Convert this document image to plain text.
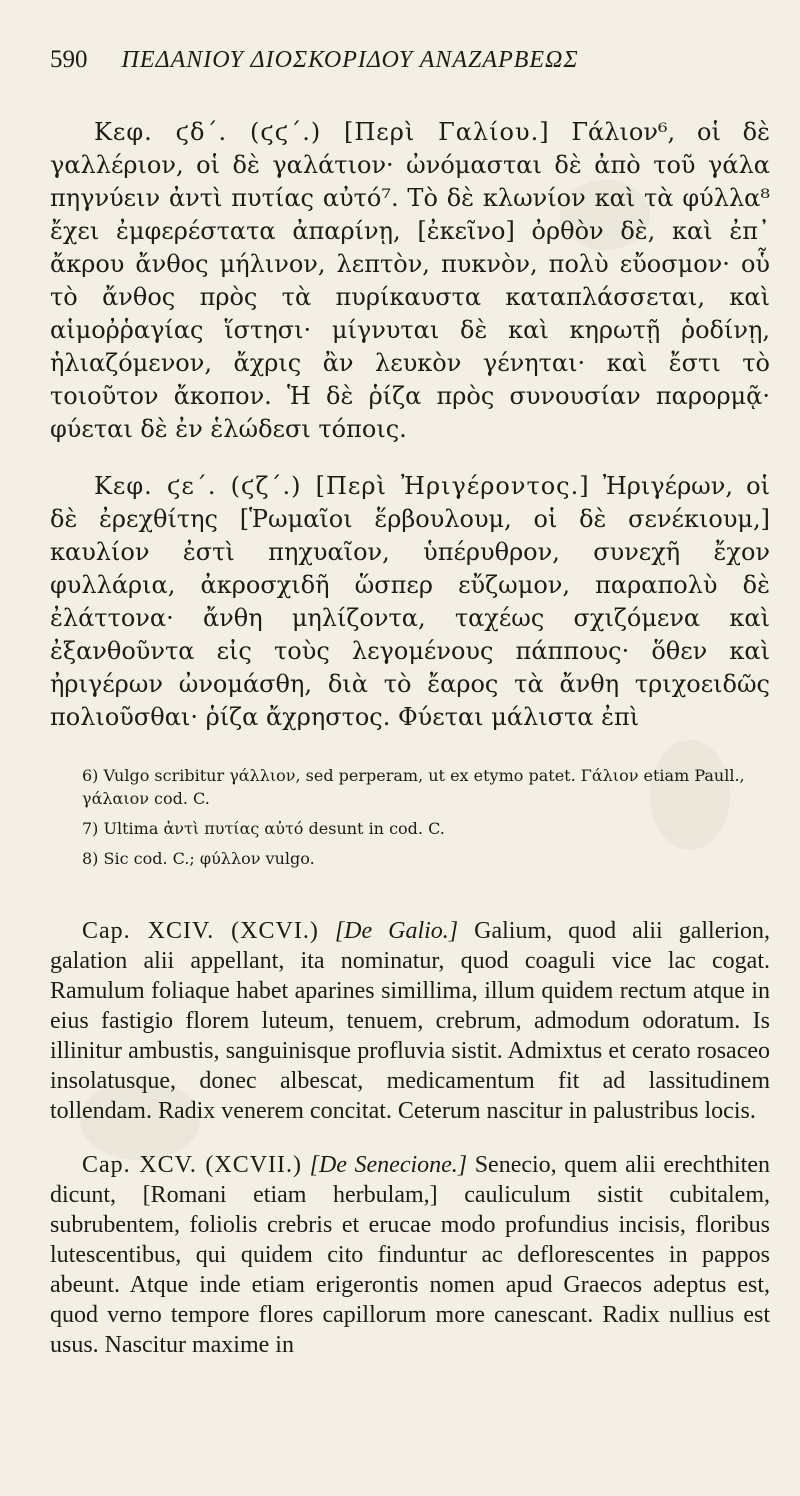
590 ΠΕΔΑΝΙΟΥ ΔΙΟΣΚΟΡΙΔΟΥ ΑΝΑΖΑΡΒΕΩΣ

Κεφ. ϛδ´. (ϛϛ´.) [Περὶ Γαλίου.] Γάλιον⁶, οἱ δὲ γαλλέριον, οἱ δὲ γαλάτιον· ὠνόμασται δὲ ἀπὸ τοῦ γάλα πηγνύειν ἀντὶ πυτίας αὐτό⁷. Τὸ δὲ κλωνίον καὶ τὰ φύλλα⁸ ἔχει ἐμφερέστατα ἀπαρίνῃ, [ἐκεῖνο] ὀρθὸν δὲ, καὶ ἐπ᾽ ἄκρου ἄνθος μήλινον, λεπτὸν, πυκνὸν, πολὺ εὔοσμον· οὗ τὸ ἄνθος πρὸς τὰ πυρίκαυστα καταπλάσσεται, καὶ αἱμοῤῥαγίας ἵστησι· μίγνυται δὲ καὶ κηρωτῇ ῥοδίνῃ, ἡλιαζόμενον, ἄχρις ἂν λευκὸν γένηται· καὶ ἔστι τὸ τοιοῦτον ἄκοπον. Ἡ δὲ ῥίζα πρὸς συνουσίαν παρορμᾷ· φύεται δὲ ἐν ἑλώδεσι τόποις.

Κεφ. ϛε´. (ϛζ´.) [Περὶ Ἠριγέροντος.] Ἠριγέρων, οἱ δὲ ἐρεχθίτης [Ῥωμαῖοι ἕρβουλουμ, οἱ δὲ σενέκιουμ,] καυλίον ἐστὶ πηχυαῖον, ὑπέρυθρον, συνεχῆ ἔχον φυλλάρια, ἀκροσχιδῆ ὥσπερ εὔζωμον, παραπολὺ δὲ ἐλάττονα· ἄνθη μηλίζοντα, ταχέως σχιζόμενα καὶ ἐξανθοῦντα εἰς τοὺς λεγομένους πάππους· ὅθεν καὶ ἠριγέρων ὠνομάσθη, διὰ τὸ ἔαρος τὰ ἄνθη τριχοειδῶς πολιοῦσθαι· ῥίζα ἄχρηστος. Φύεται μάλιστα ἐπὶ

6) Vulgo scribitur γάλλιον, sed perperam, ut ex etymo patet. Γάλιον etiam Paull., γάλαιον cod. C.

7) Ultima ἀντὶ πυτίας αὐτό desunt in cod. C.

8) Sic cod. C.; φύλλον vulgo.

Cap. XCIV. (XCVI.) [De Galio.] Galium, quod alii gallerion, galation alii appellant, ita nominatur, quod coaguli vice lac cogat. Ramulum foliaque habet aparines simillima, illum quidem rectum atque in eius fastigio florem luteum, tenuem, crebrum, admodum odoratum. Is illinitur ambustis, sanguinisque profluvia sistit. Admixtus et cerato rosaceo insolatusque, donec albescat, medicamentum fit ad lassitudinem tollendam. Radix venerem concitat. Ceterum nascitur in palustribus locis.

Cap. XCV. (XCVII.) [De Senecione.] Senecio, quem alii erechthiten dicunt, [Romani etiam herbulam,] cauliculum sistit cubitalem, subrubentem, foliolis crebris et erucae modo profundius incisis, floribus lutescentibus, qui quidem cito finduntur ac deflorescentes in pappos abeunt. Atque inde etiam erigerontis nomen apud Graecos adeptus est, quod verno tempore flores capillorum more canescant. Radix nullius est usus. Nascitur maxime in
